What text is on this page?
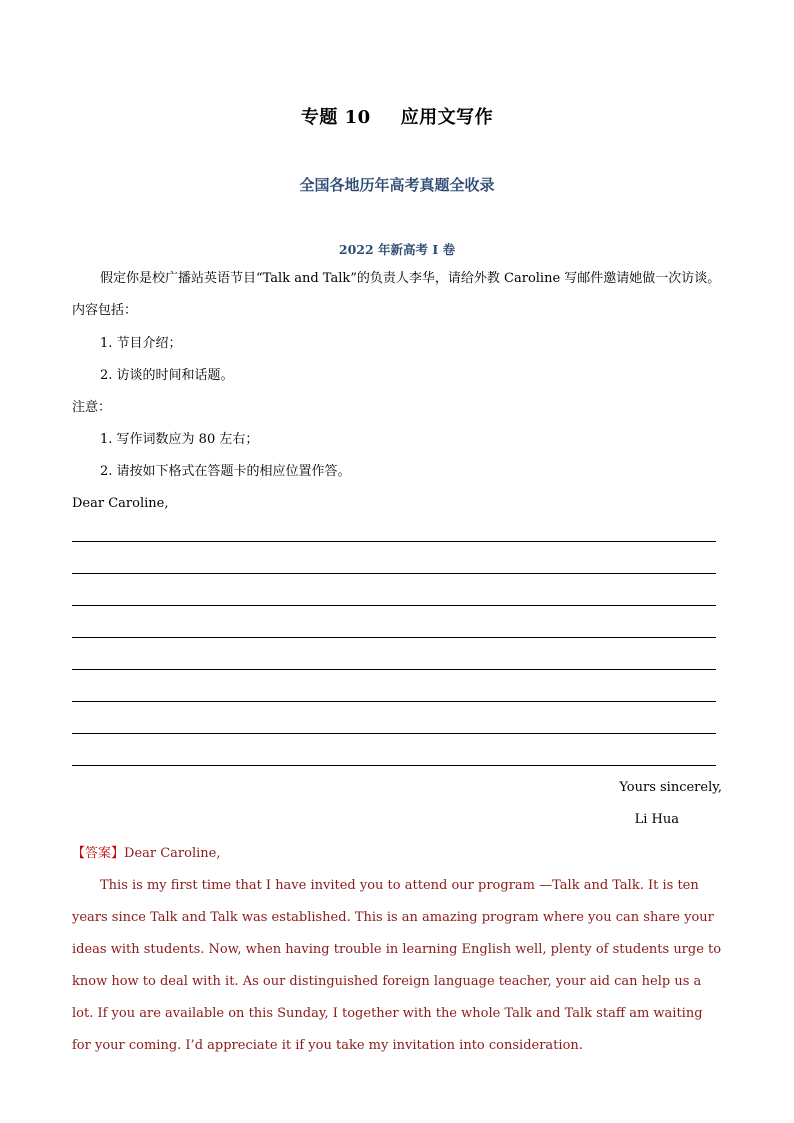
专题 10 应用文写作
全国各地历年高考真题全收录
2022 年新高考 I 卷
假定你是校广播站英语节目“Talk and Talk”的负责人李华，请给外教 Caroline 写邮件邀请她做一次访谈。内容包括：
1. 节目介绍；
2. 访谈的时间和话题。
注意：
1. 写作词数应为 80 左右；
2. 请按如下格式在答题卡的相应位置作答。
Dear Caroline,
Yours sincerely,
Li Hua
【答案】Dear Caroline,
This is my first time that I have invited you to attend our program —Talk and Talk. It is ten years since Talk and Talk was established. This is an amazing program where you can share your ideas with students. Now, when having trouble in learning English well, plenty of students urge to know how to deal with it. As our distinguished foreign language teacher, your aid can help us a lot. If you are available on this Sunday, I together with the whole Talk and Talk staff am waiting for your coming. I’d appreciate it if you take my invitation into consideration.
